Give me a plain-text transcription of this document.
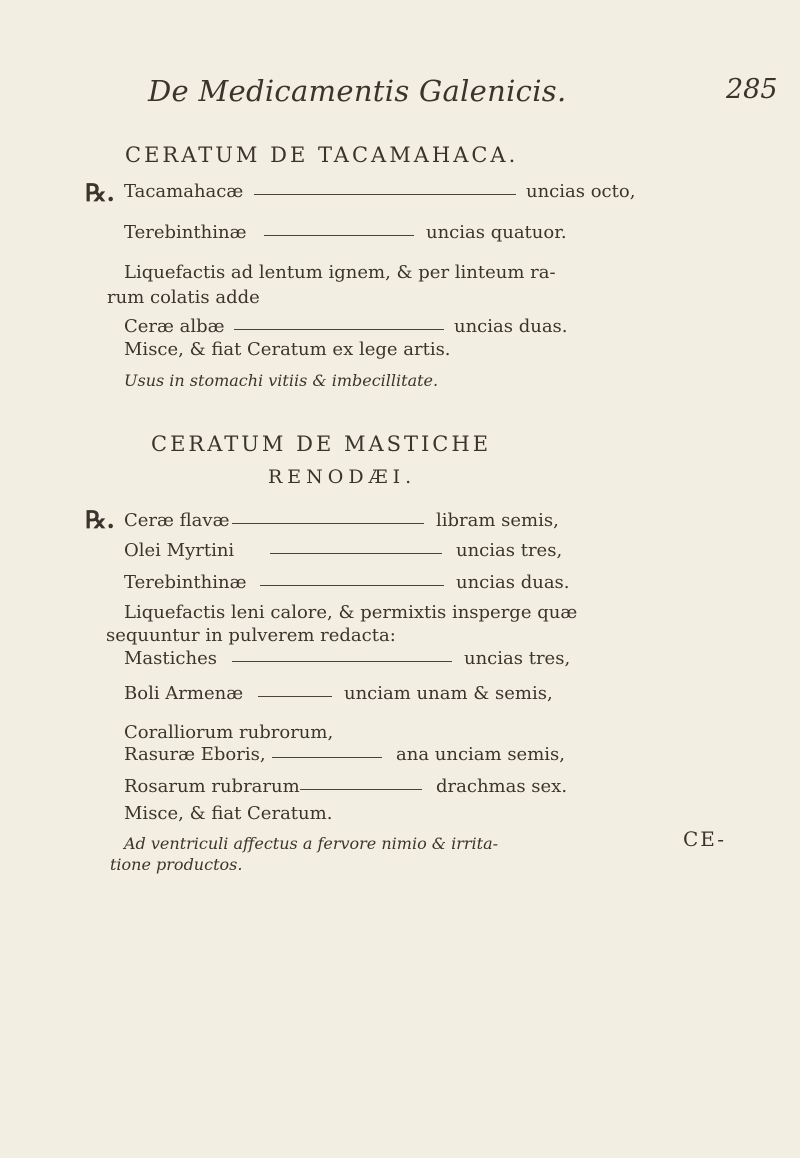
De Medicamentis Galenicis.	285
CERATUM DE TACAMAHACA.
℞. Tacamahacæ	uncias octo,
Terebinthinæ	uncias quatuor.
Liquefactis ad lentum ignem, & per linteum ra-
rum colatis adde
Ceræ albæ	uncias duas.
Misce, & fiat Ceratum ex lege artis.
Usus in stomachi vitiis & imbecillitate.
CERATUM DE MASTICHE
RENODÆI.
℞. Ceræ flavæ	libram semis,
Olei Myrtini	uncias tres,
Terebinthinæ	uncias duas.
Liquefactis leni calore, & permixtis insperge quæ
sequuntur in pulverem redacta:
Mastiches	uncias tres,
Boli Armenæ	unciam unam & semis,
Coralliorum rubrorum,
Rasuræ Eboris,	ana unciam semis,
Rosarum rubrarum	drachmas sex.
Misce, & fiat Ceratum.
Ad ventriculi affectus a fervore nimio & irrita-
tione productos.
CE-
